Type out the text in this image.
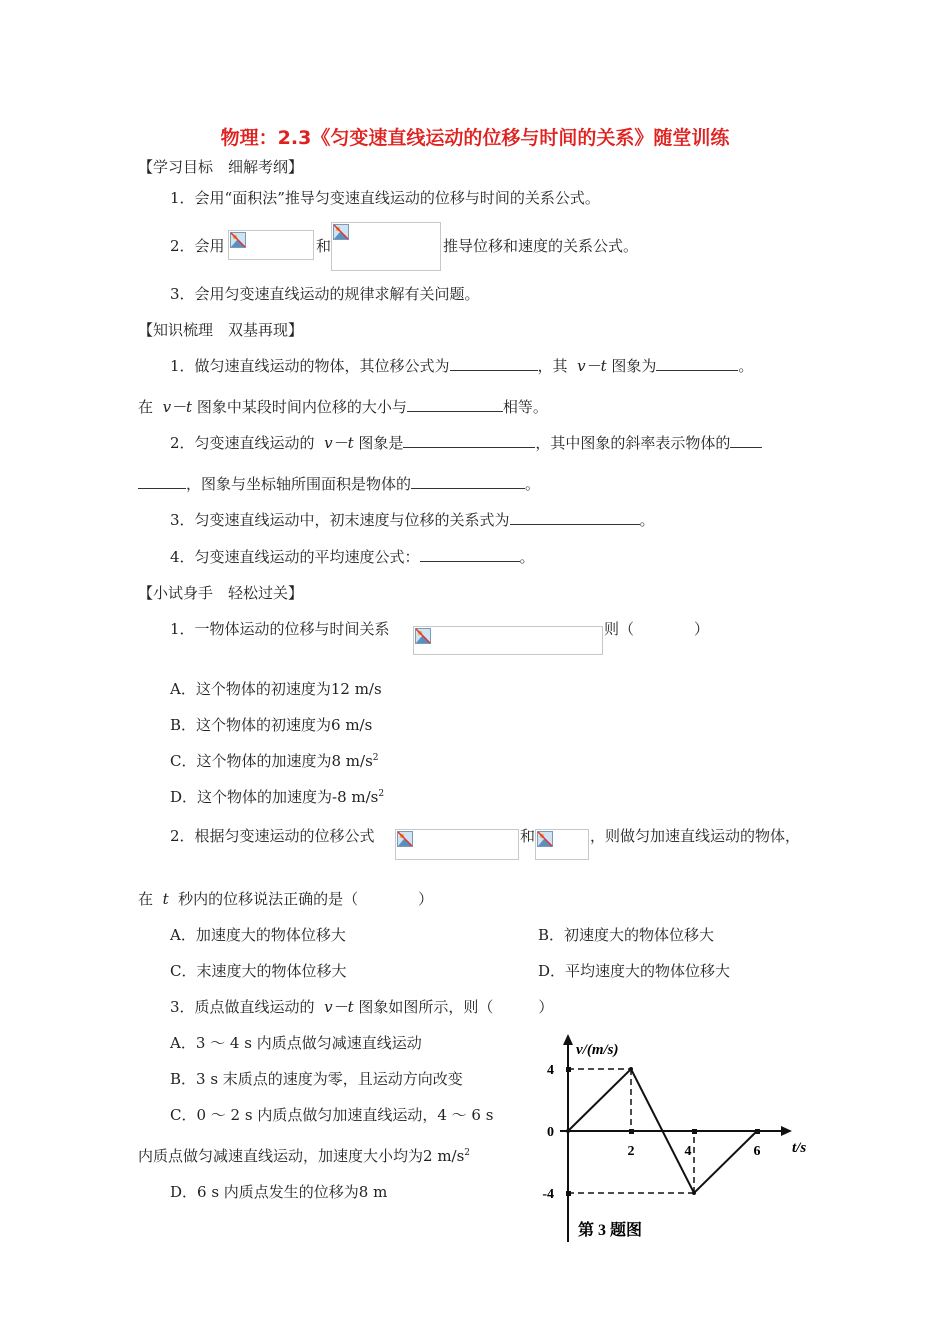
物理：2.3《匀变速直线运动的位移与时间的关系》随堂训练
【学习目标　细解考纲】
1．会用“面积法”推导匀变速直线运动的位移与时间的关系公式。
2．会用	和	推导位移和速度的关系公式。
3．会用匀变速直线运动的规律求解有关问题。
【知识梳理　双基再现】
1．做匀速直线运动的物体，其位移公式为	，其 v－t 图象为	。
在 v－t 图象中某段时间内位移的大小与	相等。
2．匀变速直线运动的 v－t 图象是	，其中图象的斜率表示物体的
，图象与坐标轴所围面积是物体的	。
3．匀变速直线运动中，初末速度与位移的关系式为	。
4．匀变速直线运动的平均速度公式：	。
【小试身手　轻松过关】
1．一物体运动的位移与时间关系	则（　　　　）
A．这个物体的初速度为12 m/s
B．这个物体的初速度为6 m/s
C．这个物体的加速度为8 $m/s^2$
D．这个物体的加速度为-8 $m/s^2$
2．根据匀变速运动的位移公式	和	，则做匀加速直线运动的物体，
在 t 秒内的位移说法正确的是（　　　　）
A．加速度大的物体位移大	B．初速度大的物体位移大
C．末速度大的物体位移大	D．平均速度大的物体位移大
3．质点做直线运动的 v－t 图象如图所示，则（　　　）
A．3 ～ 4 s 内质点做匀减速直线运动
B．3 s 末质点的速度为零，且运动方向改变
C．0 ～ 2 s 内质点做匀加速直线运动，4 ～ 6 s
内质点做匀减速直线运动，加速度大小均为2 $m/s^2$
D．6 s 内质点发生的位移为8 m
v/(m/s)
t/s
4
0
-4
2	4	6
第 3 题图
